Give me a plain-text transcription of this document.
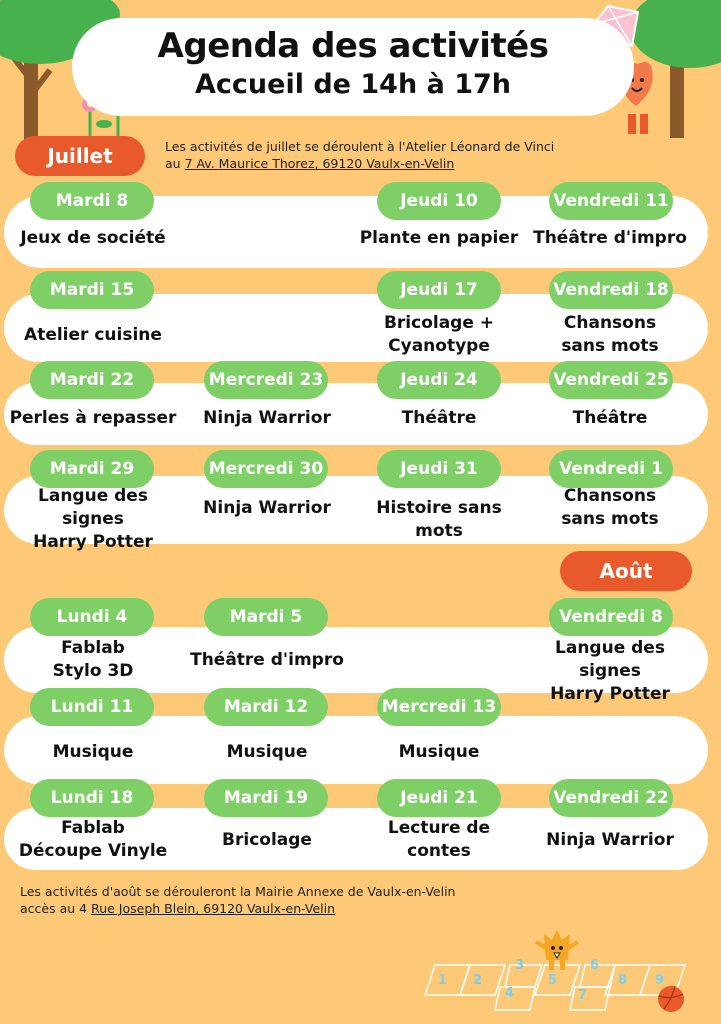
Agenda des activités
Accueil de 14h à 17h
Juillet	Les activités de juillet se déroulent à l'Atelier Léonard de Vinci
au 7 Av. Maurice Thorez, 69120 Vaulx-en-Velin
Août
Mardi 8
Jeux de société
Jeudi 10
Plante en papier
Vendredi 11
Théâtre d'impro
Mardi 15
Atelier cuisine
Jeudi 17
Bricolage +
Cyanotype
Vendredi 18
Chansons
sans mots
Mardi 22
Perles à repasser
Mercredi 23
Ninja Warrior
Jeudi 24
Théâtre
Vendredi 25
Théâtre
Mardi 29
Langue des signes
Harry Potter
Mercredi 30
Ninja Warrior
Jeudi 31
Histoire sans mots
Vendredi 1
Chansons
sans mots
Lundi 4
Fablab
Stylo 3D
Mardi 5
Théâtre d'impro
Vendredi 8
Langue des signes
Harry Potter
Lundi 11
Musique
Mardi 12
Musique
Mercredi 13
Musique
Lundi 18
Fablab
Découpe Vinyle
Mardi 19
Bricolage
Jeudi 21
Lecture de
contes
Vendredi 22
Ninja Warrior
Les activités d'août se dérouleront la Mairie Annexe de Vaulx-en-Velin
accès au 4 Rue Joseph Blein, 69120 Vaulx-en-Velin
1 2
3
4
5
6
7
8 9
